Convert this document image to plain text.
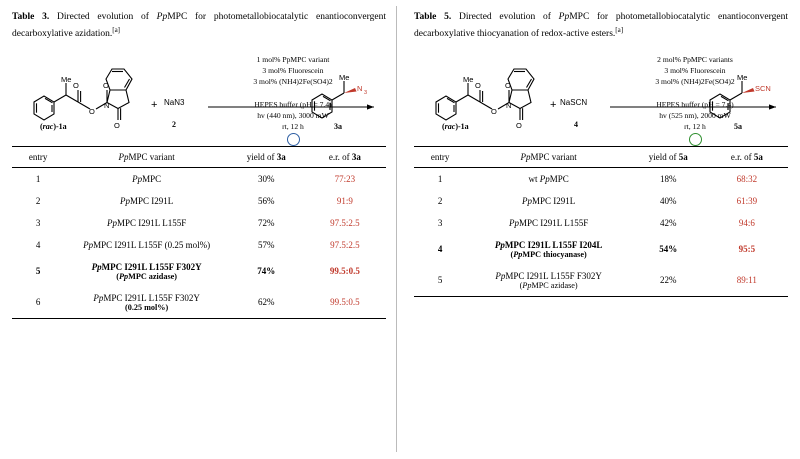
Table 3. Directed evolution of PpMPC for photometallobiocatalytic enantioconvergent decarboxylative azidation.[a]

Me
O
O
O
O
N	+
Me
N 3
NaN3
2
(rac)-1a	3a
1 mol% PpMPC variant
3 mol% Fluorescein
3 mol% (NH4)2Fe(SO4)2
HEPES buffer (pH = 7.4)
hv (440 nm), 3000 mW
rt, 12 h
entry	PpMPC variant	yield of 3a	e.r. of 3a
1	PpMPC	30%	77:23
2	PpMPC I291L	56%	91:9
3	PpMPC I291L L155F	72%	97.5:2.5
4	PpMPC I291L L155F (0.25 mol%)	57%	97.5:2.5
5	PpMPC I291L L155F F302Y
(PpMPC azidase)	74%	99.5:0.5
6	PpMPC I291L L155F F302Y
(0.25 mol%)	62%	99.5:0.5

Table 5. Directed evolution of PpMPC for photometallobiocatalytic enantioconvergent decarboxylative thiocyanation of redox-active esters.[a]

Me
O
O
O
O
N	+
Me
SCN
NaSCN
4
(rac)-1a	5a
2 mol% PpMPC variants
3 mol% Fluorescein
3 mol% (NH4)2Fe(SO4)2
HEPES buffer (pH = 7.4)
hv (525 nm), 2000 mW
rt, 12 h
entry	PpMPC variant	yield of 5a	e.r. of 5a
1	wt PpMPC	18%	68:32
2	PpMPC I291L	40%	61:39
3	PpMPC I291L L155F	42%	94:6
4	PpMPC I291L L155F I204L
(PpMPC thiocyanase)	54%	95:5
5	PpMPC I291L L155F F302Y
(PpMPC azidase)	22%	89:11
